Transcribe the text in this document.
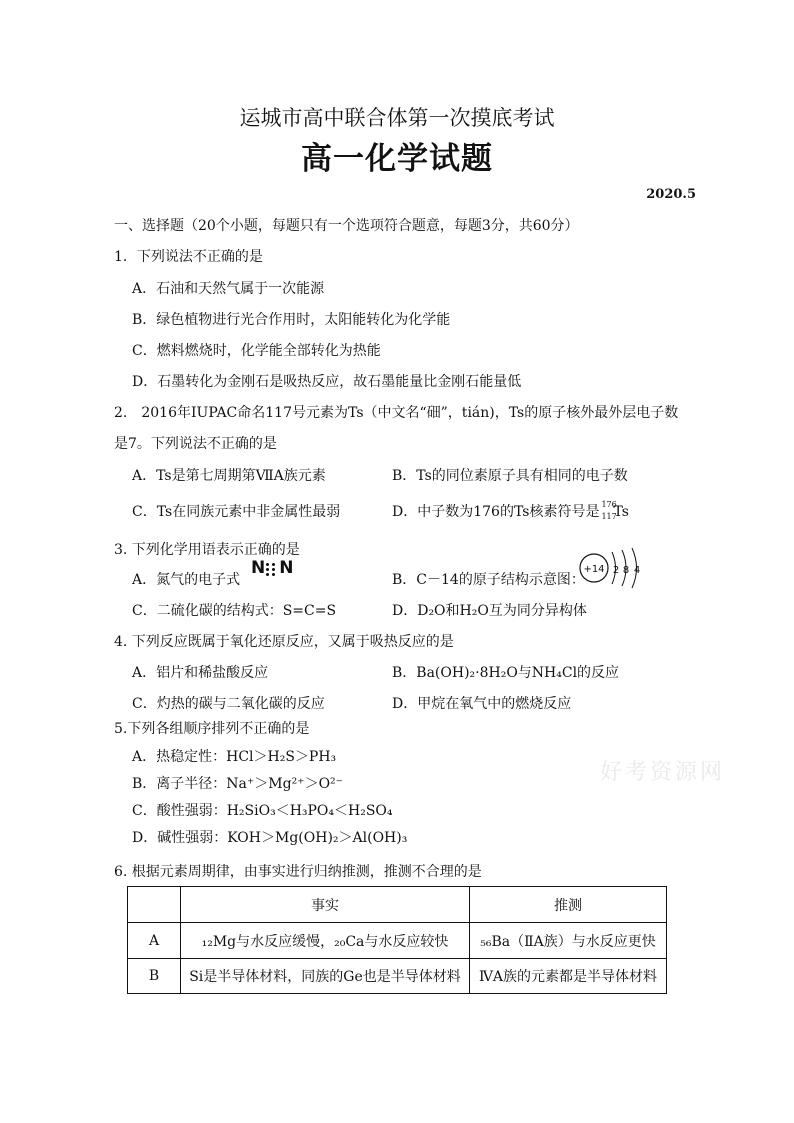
运城市高中联合体第一次摸底考试
高一化学试题
2020.5
一、选择题（20个小题，每题只有一个选项符合题意，每题3分，共60分）
1．下列说法不正确的是
A．石油和天然气属于一次能源
B．绿色植物进行光合作用时，太阳能转化为化学能
C．燃料燃烧时，化学能全部转化为热能
D．石墨转化为金刚石是吸热反应，故石墨能量比金刚石能量低
2.　2016年IUPAC命名117号元素为Ts（中文名“鿬”，tián)，Ts的原子核外最外层电子数
是7。下列说法不正确的是
A．Ts是第七周期第ⅦA族元素	B．Ts的同位素原子具有相同的电子数
C．Ts在同族元素中非金属性最弱	D．中子数为176的Ts核素符号是 176
117
Ts
3. 下列化学用语表示正确的是
A．氮气的电子式
N N
B．C－14的原子结构示意图：
+14 2 8 4
C．二硫化碳的结构式：S=C=S	D．D₂O和H₂O互为同分异构体
4. 下列反应既属于氧化还原反应，又属于吸热反应的是
A．铝片和稀盐酸反应	B．Ba(OH)₂·8H₂O与NH₄Cl的反应
C．灼热的碳与二氧化碳的反应	D．甲烷在氧气中的燃烧反应
5.下列各组顺序排列不正确的是
A．热稳定性：HCl＞H₂S＞PH₃
B．离子半径：Na⁺＞Mg²⁺＞O²⁻
C．酸性强弱：H₂SiO₃＜H₃PO₄＜H₂SO₄
D．碱性强弱：KOH＞Mg(OH)₂＞Al(OH)₃
6. 根据元素周期律，由事实进行归纳推测，推测不合理的是
	事实	推测
A	₁₂Mg与水反应缓慢，₂₀Ca与水反应较快	₅₆Ba（ⅡA族）与水反应更快
B	Si是半导体材料，同族的Ge也是半导体材料	ⅣA族的元素都是半导体材料
好考资源网
